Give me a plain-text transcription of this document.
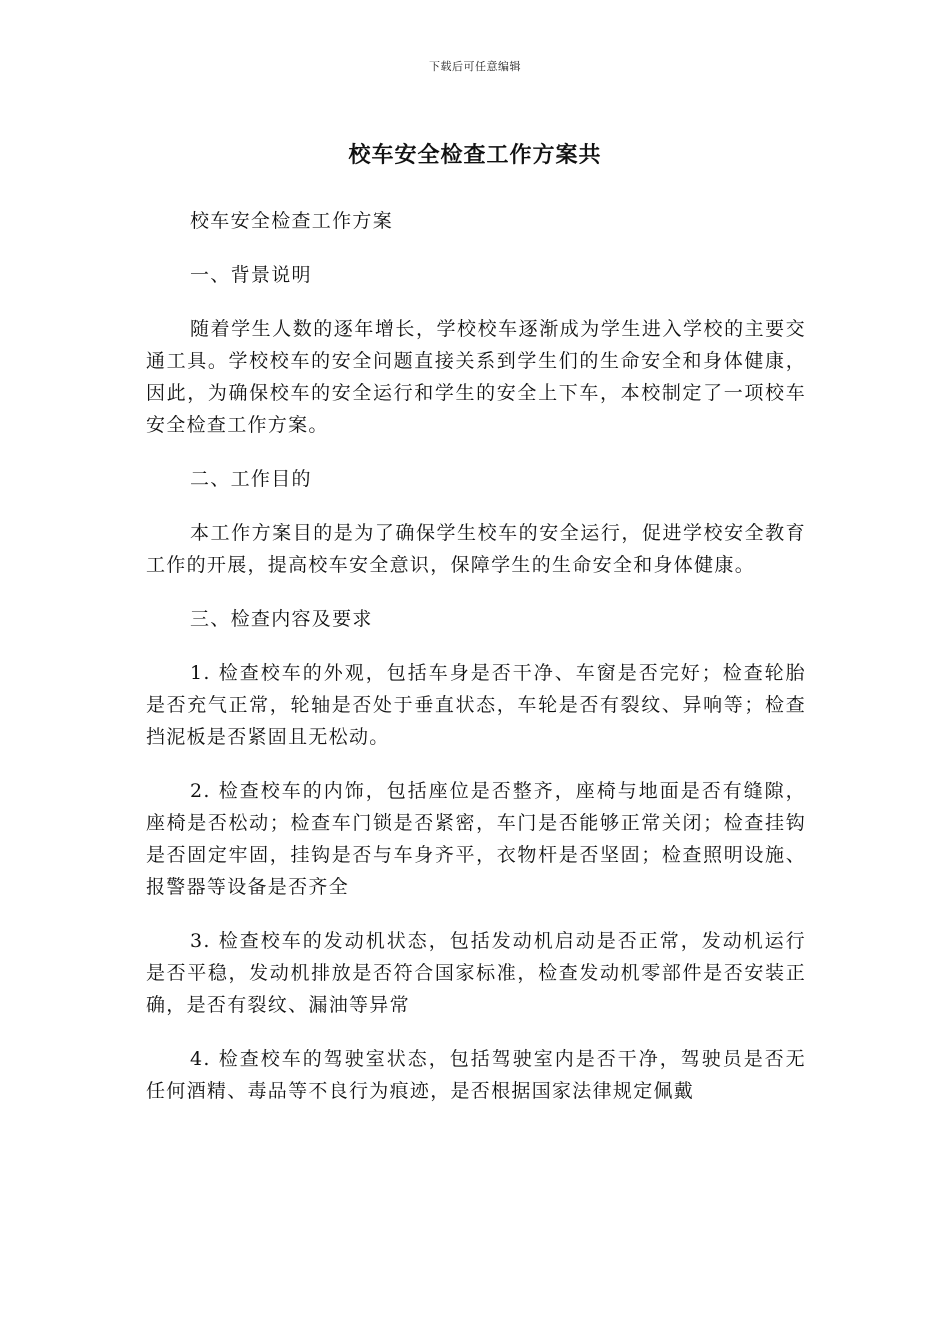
下载后可任意编辑
校车安全检查工作方案共

校车安全检查工作方案

一、背景说明

随着学生人数的逐年增长，学校校车逐渐成为学生进入学校的主要交通工具。学校校车的安全问题直接关系到学生们的生命安全和身体健康，因此，为确保校车的安全运行和学生的安全上下车，本校制定了一项校车安全检查工作方案。

二、工作目的

本工作方案目的是为了确保学生校车的安全运行，促进学校安全教育工作的开展，提高校车安全意识，保障学生的生命安全和身体健康。

三、检查内容及要求

1. 检查校车的外观，包括车身是否干净、车窗是否完好；检查轮胎是否充气正常，轮轴是否处于垂直状态，车轮是否有裂纹、异响等；检查挡泥板是否紧固且无松动。

2. 检查校车的内饰，包括座位是否整齐，座椅与地面是否有缝隙，座椅是否松动；检查车门锁是否紧密，车门是否能够正常关闭；检查挂钩是否固定牢固，挂钩是否与车身齐平，衣物杆是否坚固；检查照明设施、报警器等设备是否齐全

3. 检查校车的发动机状态，包括发动机启动是否正常，发动机运行是否平稳，发动机排放是否符合国家标准，检查发动机零部件是否安装正确，是否有裂纹、漏油等异常

4. 检查校车的驾驶室状态，包括驾驶室内是否干净，驾驶员是否无任何酒精、毒品等不良行为痕迹，是否根据国家法律规定佩戴
